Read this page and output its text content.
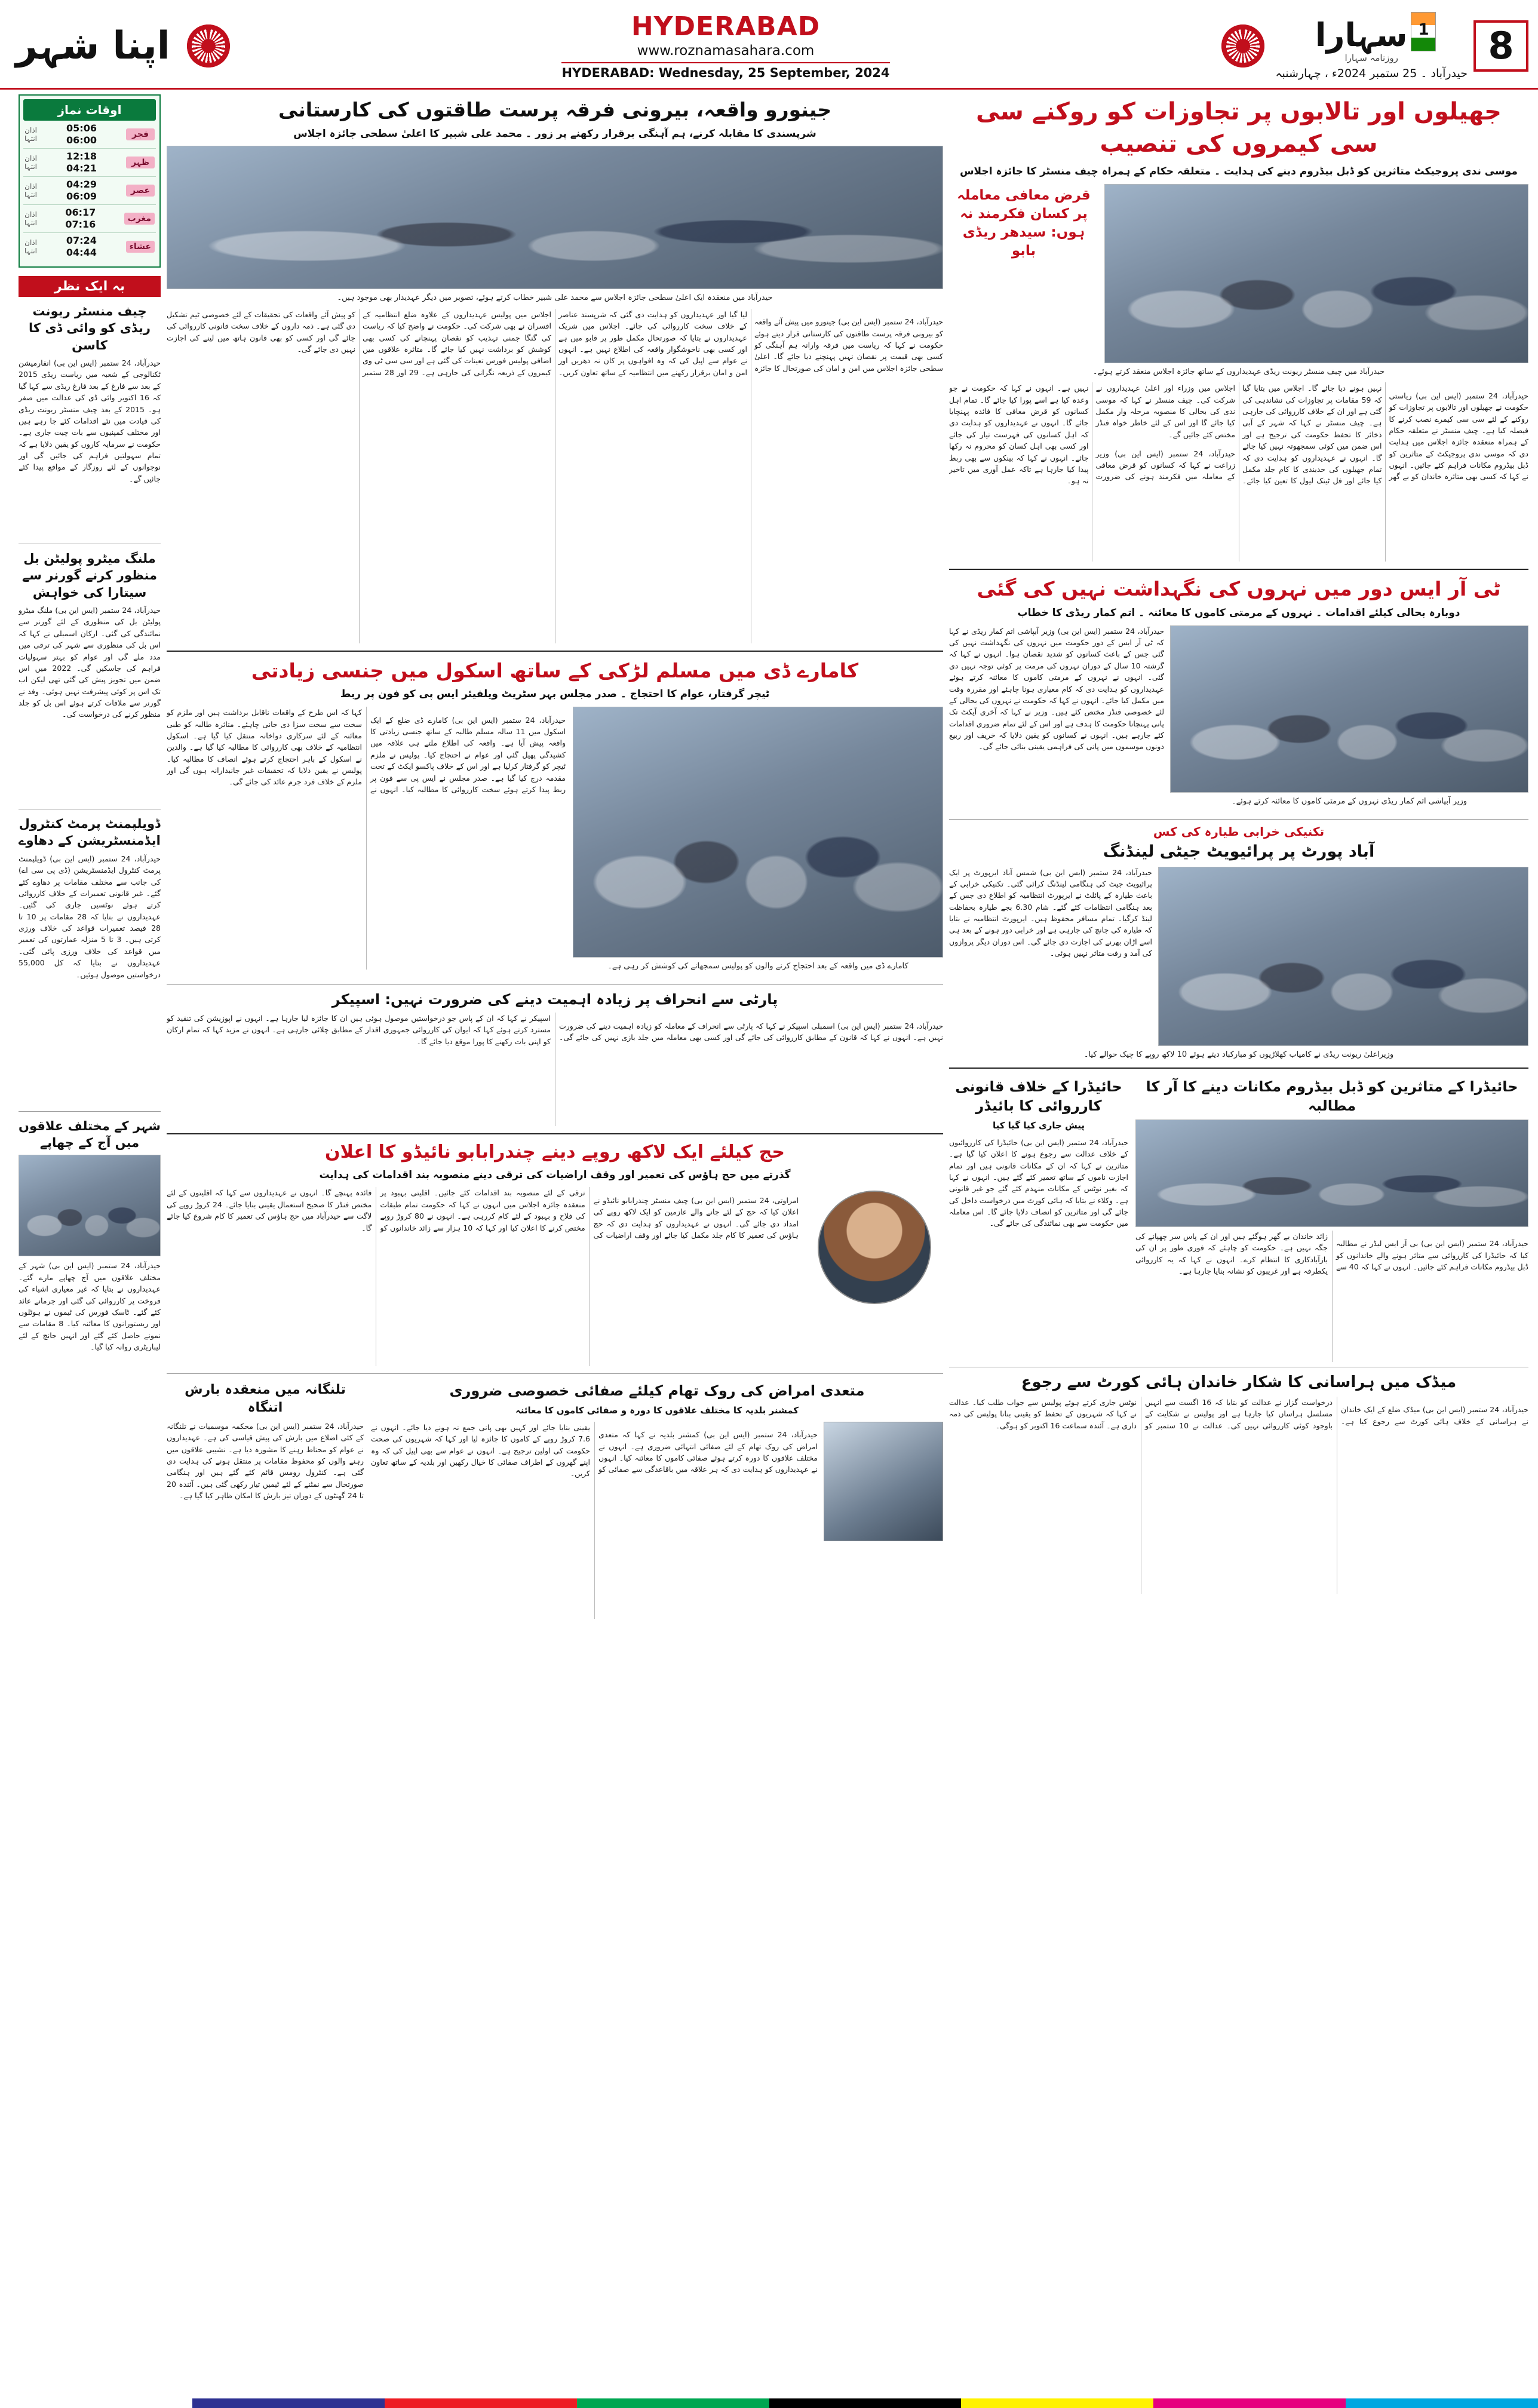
8
1
سہارا
روزنامہ سہارا
حیدرآباد ۔ 25 ستمبر 2024ء ، چہارشنبہ
HYDERABAD
www.roznamasahara.com
HYDERABAD: Wednesday, 25 September, 2024
اپنا شہر
جھیلوں اور تالابوں پر تجاوزات کو روکنے سی سی کیمروں کی تنصیب
موسی ندی پروجیکٹ متاثرین کو ڈبل بیڈروم دینے کی ہدایت ۔ متعلقہ حکام کے ہمراہ چیف منسٹر کا جائزہ اجلاس
قرض معافی معاملہ پر کسان فکرمند نہ ہوں: سیدھر ریڈی بابو
حیدرآباد میں چیف منسٹر ریونت ریڈی عہدیداروں کے ساتھ جائزہ اجلاس منعقد کرتے ہوئے۔

حیدرآباد، 24 ستمبر (ایس این بی) ریاستی حکومت نے جھیلوں اور تالابوں پر تجاوزات کو روکنے کے لئے سی سی کیمرے نصب کرنے کا فیصلہ کیا ہے۔ چیف منسٹر نے متعلقہ حکام کے ہمراہ منعقدہ جائزہ اجلاس میں ہدایت دی کہ موسی ندی پروجیکٹ کے متاثرین کو ڈبل بیڈروم مکانات فراہم کئے جائیں۔ انہوں نے کہا کہ کسی بھی متاثرہ خاندان کو بے گھر نہیں ہونے دیا جائے گا۔ اجلاس میں بتایا گیا کہ 59 مقامات پر تجاوزات کی نشاندہی کی گئی ہے اور ان کے خلاف کارروائی کی جارہی ہے۔ چیف منسٹر نے کہا کہ شہر کے آبی ذخائر کا تحفظ حکومت کی ترجیح ہے اور اس ضمن میں کوئی سمجھوتہ نہیں کیا جائے گا۔ انہوں نے عہدیداروں کو ہدایت دی کہ تمام جھیلوں کی حدبندی کا کام جلد مکمل کیا جائے اور فل ٹینک لیول کا تعین کیا جائے۔ اجلاس میں وزراء اور اعلیٰ عہدیداروں نے شرکت کی۔ چیف منسٹر نے کہا کہ موسی ندی کی بحالی کا منصوبہ مرحلہ وار مکمل کیا جائے گا اور اس کے لئے خاطر خواہ فنڈز مختص کئے جائیں گے۔

حیدرآباد، 24 ستمبر (ایس این بی) وزیر زراعت نے کہا کہ کسانوں کو قرض معافی کے معاملہ میں فکرمند ہونے کی ضرورت نہیں ہے۔ انہوں نے کہا کہ حکومت نے جو وعدہ کیا ہے اسے پورا کیا جائے گا۔ تمام اہل کسانوں کو قرض معافی کا فائدہ پہنچایا جائے گا۔ انہوں نے عہدیداروں کو ہدایت دی کہ اہل کسانوں کی فہرست تیار کی جائے اور کسی بھی اہل کسان کو محروم نہ رکھا جائے۔ انہوں نے کہا کہ بینکوں سے بھی ربط پیدا کیا جارہا ہے تاکہ عمل آوری میں تاخیر نہ ہو۔

ٹی آر ایس دور میں نہروں کی نگہداشت نہیں کی گئی
دوبارہ بحالی کیلئے اقدامات ۔ نہروں کے مرمتی کاموں کا معائنہ ۔ اتم کمار ریڈی کا خطاب
وزیر آبپاشی اتم کمار ریڈی نہروں کے مرمتی کاموں کا معائنہ کرتے ہوئے۔
حیدرآباد، 24 ستمبر (ایس این بی) وزیر آبپاشی اتم کمار ریڈی نے کہا کہ ٹی آر ایس کے دور حکومت میں نہروں کی نگہداشت نہیں کی گئی جس کے باعث کسانوں کو شدید نقصان ہوا۔ انہوں نے کہا کہ گزشتہ 10 سال کے دوران نہروں کی مرمت پر کوئی توجہ نہیں دی گئی۔ انہوں نے نہروں کے مرمتی کاموں کا معائنہ کرتے ہوئے عہدیداروں کو ہدایت دی کہ کام معیاری ہونا چاہئے اور مقررہ وقت میں مکمل کیا جائے۔ انہوں نے کہا کہ حکومت نے نہروں کی بحالی کے لئے خصوصی فنڈز مختص کئے ہیں۔ وزیر نے کہا کہ آخری آیکٹ تک پانی پہنچانا حکومت کا ہدف ہے اور اس کے لئے تمام ضروری اقدامات کئے جارہے ہیں۔ انہوں نے کسانوں کو یقین دلایا کہ خریف اور ربیع دونوں موسموں میں پانی کی فراہمی یقینی بنائی جائے گی۔
تکنیکی خرابی طیارہ کی کس
آباد پورٹ پر پرائیویٹ جیٹی لینڈنگ
حیدرآباد، 24 ستمبر (ایس این بی) شمس آباد ایرپورٹ پر ایک پرائیویٹ جیٹ کی ہنگامی لینڈنگ کرائی گئی۔ تکنیکی خرابی کے باعث طیارہ کے پائلٹ نے ایرپورٹ انتظامیہ کو اطلاع دی جس کے بعد ہنگامی انتظامات کئے گئے۔ شام 6.30 بجے طیارہ بحفاظت لینڈ کرگیا۔ تمام مسافر محفوظ ہیں۔ ایرپورٹ انتظامیہ نے بتایا کہ طیارہ کی جانچ کی جارہی ہے اور خرابی دور ہونے کے بعد ہی اسے اڑان بھرنے کی اجازت دی جائے گی۔ اس دوران دیگر پروازوں کی آمد و رفت متاثر نہیں ہوئی۔
وزیراعلیٰ ریونت ریڈی نے کامیاب کھلاڑیوں کو مبارکباد دیتے ہوئے 10 لاکھ روپے کا چیک حوالے کیا۔
حائیڈرا کے متاثرین کو ڈبل بیڈروم مکانات دینے کا آر کا مطالبہ

حیدرآباد، 24 ستمبر (ایس این بی) بی آر ایس لیڈر نے مطالبہ کیا کہ حائیڈرا کی کارروائی سے متاثر ہونے والے خاندانوں کو ڈبل بیڈروم مکانات فراہم کئے جائیں۔ انہوں نے کہا کہ 40 سے زائد خاندان بے گھر ہوگئے ہیں اور ان کے پاس سر چھپانے کی جگہ نہیں ہے۔ حکومت کو چاہئے کہ فوری طور پر ان کی بازآبادکاری کا انتظام کرے۔ انہوں نے کہا کہ یہ کارروائی یکطرفہ ہے اور غریبوں کو نشانہ بنایا جارہا ہے۔

حائیڈرا کے خلاف قانونی کارروائی کا بائیڈر
پیش جاری کیا گیا کیا
حیدرآباد، 24 ستمبر (ایس این بی) حائیڈرا کی کارروائیوں کے خلاف عدالت سے رجوع ہونے کا اعلان کیا گیا ہے۔ متاثرین نے کہا کہ ان کے مکانات قانونی ہیں اور تمام اجازت ناموں کے ساتھ تعمیر کئے گئے ہیں۔ انہوں نے کہا کہ بغیر نوٹس کے مکانات منہدم کئے گئے جو غیر قانونی ہے۔ وکلاء نے بتایا کہ ہائی کورٹ میں درخواست داخل کی جائے گی اور متاثرین کو انصاف دلایا جائے گا۔ اس معاملہ میں حکومت سے بھی نمائندگی کی جائے گی۔
میڈک میں ہراسانی کا شکار خاندان ہائی کورٹ سے رجوع

حیدرآباد، 24 ستمبر (ایس این بی) میڈک ضلع کے ایک خاندان نے ہراسانی کے خلاف ہائی کورٹ سے رجوع کیا ہے۔ درخواست گزار نے عدالت کو بتایا کہ 16 اگست سے انہیں مسلسل ہراساں کیا جارہا ہے اور پولیس نے شکایت کے باوجود کوئی کارروائی نہیں کی۔ عدالت نے 10 ستمبر کو نوٹس جاری کرتے ہوئے پولیس سے جواب طلب کیا۔ عدالت نے کہا کہ شہریوں کے تحفظ کو یقینی بنانا پولیس کی ذمہ داری ہے۔ آئندہ سماعت 16 اکتوبر کو ہوگی۔

جینورو واقعہ، بیرونی فرقہ پرست طاقتوں کی کارستانی
شرپسندی کا مقابلہ کرنے، ہم آہنگی برقرار رکھنے پر زور ۔ محمد علی شبیر کا اعلیٰ سطحی جائزہ اجلاس
حیدرآباد میں منعقدہ ایک اعلیٰ سطحی جائزہ اجلاس سے محمد علی شبیر خطاب کرتے ہوئے، تصویر میں دیگر عہدیدار بھی موجود ہیں۔

حیدرآباد، 24 ستمبر (ایس این بی) جینورو میں پیش آئے واقعہ کو بیرونی فرقہ پرست طاقتوں کی کارستانی قرار دیتے ہوئے حکومت نے کہا کہ ریاست میں فرقہ وارانہ ہم آہنگی کو کسی بھی قیمت پر نقصان نہیں پہنچنے دیا جائے گا۔ اعلیٰ سطحی جائزہ اجلاس میں امن و امان کی صورتحال کا جائزہ لیا گیا اور عہدیداروں کو ہدایت دی گئی کہ شرپسند عناصر کے خلاف سخت کارروائی کی جائے۔ اجلاس میں شریک عہدیداروں نے بتایا کہ صورتحال مکمل طور پر قابو میں ہے اور کسی بھی ناخوشگوار واقعہ کی اطلاع نہیں ہے۔ انہوں نے عوام سے اپیل کی کہ وہ افواہوں پر کان نہ دھریں اور امن و امان برقرار رکھنے میں انتظامیہ کے ساتھ تعاون کریں۔ اجلاس میں پولیس عہدیداروں کے علاوہ ضلع انتظامیہ کے افسران نے بھی شرکت کی۔ حکومت نے واضح کیا کہ ریاست کی گنگا جمنی تہذیب کو نقصان پہنچانے کی کسی بھی کوشش کو برداشت نہیں کیا جائے گا۔ متاثرہ علاقوں میں اضافی پولیس فورس تعینات کی گئی ہے اور سی سی ٹی وی کیمروں کے ذریعہ نگرانی کی جارہی ہے۔ 29 اور 28 ستمبر کو پیش آئے واقعات کی تحقیقات کے لئے خصوصی ٹیم تشکیل دی گئی ہے۔ ذمہ داروں کے خلاف سخت قانونی کارروائی کی جائے گی اور کسی کو بھی قانون ہاتھ میں لینے کی اجازت نہیں دی جائے گی۔

کامارے ڈی میں مسلم لڑکی کے ساتھ اسکول میں جنسی زیادتی
ٹیچر گرفتار، عوام کا احتجاج ۔ صدر مجلس بہر سٹریٹ ویلفیئر ایس پی کو فون پر ربط
کامارے ڈی میں واقعہ کے بعد احتجاج کرنے والوں کو پولیس سمجھانے کی کوشش کر رہی ہے۔

حیدرآباد، 24 ستمبر (ایس این بی) کامارے ڈی ضلع کے ایک اسکول میں 11 سالہ مسلم طالبہ کے ساتھ جنسی زیادتی کا واقعہ پیش آیا ہے۔ واقعہ کی اطلاع ملتے ہی علاقہ میں کشیدگی پھیل گئی اور عوام نے احتجاج کیا۔ پولیس نے ملزم ٹیچر کو گرفتار کرلیا ہے اور اس کے خلاف پاکسو ایکٹ کے تحت مقدمہ درج کیا گیا ہے۔ صدر مجلس نے ایس پی سے فون پر ربط پیدا کرتے ہوئے سخت کارروائی کا مطالبہ کیا۔ انہوں نے کہا کہ اس طرح کے واقعات ناقابل برداشت ہیں اور ملزم کو سخت سے سخت سزا دی جانی چاہئے۔ متاثرہ طالبہ کو طبی معائنہ کے لئے سرکاری دواخانہ منتقل کیا گیا ہے۔ اسکول انتظامیہ کے خلاف بھی کارروائی کا مطالبہ کیا گیا ہے۔ والدین نے اسکول کے باہر احتجاج کرتے ہوئے انصاف کا مطالبہ کیا۔ پولیس نے یقین دلایا کہ تحقیقات غیر جانبدارانہ ہوں گی اور ملزم کے خلاف فرد جرم عائد کی جائے گی۔

پارٹی سے انحراف پر زیادہ اہمیت دینے کی ضرورت نہیں: اسپیکر

حیدرآباد، 24 ستمبر (ایس این بی) اسمبلی اسپیکر نے کہا کہ پارٹی سے انحراف کے معاملہ کو زیادہ اہمیت دینے کی ضرورت نہیں ہے۔ انہوں نے کہا کہ قانون کے مطابق کارروائی کی جائے گی اور کسی بھی معاملہ میں جلد بازی نہیں کی جائے گی۔ اسپیکر نے کہا کہ ان کے پاس جو درخواستیں موصول ہوئی ہیں ان کا جائزہ لیا جارہا ہے۔ انہوں نے اپوزیشن کی تنقید کو مسترد کرتے ہوئے کہا کہ ایوان کی کارروائی جمہوری اقدار کے مطابق چلائی جارہی ہے۔ انہوں نے مزید کہا کہ تمام ارکان کو اپنی بات رکھنے کا پورا موقع دیا جائے گا۔

حج کیلئے ایک لاکھ روپے دینے چندرابابو نائیڈو کا اعلان
گذرتے میں حج ہاؤس کی تعمیر اور وقف اراضیات کی ترقی دینے منصوبہ بند اقدامات کی ہدایت

امراوتی، 24 ستمبر (ایس این بی) چیف منسٹر چندرابابو نائیڈو نے اعلان کیا کہ حج کے لئے جانے والے عازمین کو ایک لاکھ روپے کی امداد دی جائے گی۔ انہوں نے عہدیداروں کو ہدایت دی کہ حج ہاؤس کی تعمیر کا کام جلد مکمل کیا جائے اور وقف اراضیات کی ترقی کے لئے منصوبہ بند اقدامات کئے جائیں۔ اقلیتی بہبود پر منعقدہ جائزہ اجلاس میں انہوں نے کہا کہ حکومت تمام طبقات کی فلاح و بہبود کے لئے کام کررہی ہے۔ انہوں نے 80 کروڑ روپے مختص کرنے کا اعلان کیا اور کہا کہ 10 ہزار سے زائد خاندانوں کو فائدہ پہنچے گا۔ انہوں نے عہدیداروں سے کہا کہ اقلیتوں کے لئے مختص فنڈز کا صحیح استعمال یقینی بنایا جائے۔ 24 کروڑ روپے کی لاگت سے حیدرآباد میں حج ہاؤس کی تعمیر کا کام شروع کیا جائے گا۔

متعدی امراض کی روک تھام کیلئے صفائی خصوصی ضروری
کمشنر بلدیہ کا مختلف علاقوں کا دورہ و صفائی کاموں کا معائنہ

حیدرآباد، 24 ستمبر (ایس این بی) کمشنر بلدیہ نے کہا کہ متعدی امراض کی روک تھام کے لئے صفائی انتہائی ضروری ہے۔ انہوں نے مختلف علاقوں کا دورہ کرتے ہوئے صفائی کاموں کا معائنہ کیا۔ انہوں نے عہدیداروں کو ہدایت دی کہ ہر علاقہ میں باقاعدگی سے صفائی کو یقینی بنایا جائے اور کہیں بھی پانی جمع نہ ہونے دیا جائے۔ انہوں نے 7.6 کروڑ روپے کے کاموں کا جائزہ لیا اور کہا کہ شہریوں کی صحت حکومت کی اولین ترجیح ہے۔ انہوں نے عوام سے بھی اپیل کی کہ وہ اپنے گھروں کے اطراف صفائی کا خیال رکھیں اور بلدیہ کے ساتھ تعاون کریں۔

تلنگانہ میں منعقدہ بارش اتنگاہ
حیدرآباد، 24 ستمبر (ایس این بی) محکمہ موسمیات نے تلنگانہ کے کئی اضلاع میں بارش کی پیش قیاسی کی ہے۔ عہدیداروں نے عوام کو محتاط رہنے کا مشورہ دیا ہے۔ نشیبی علاقوں میں رہنے والوں کو محفوظ مقامات پر منتقل ہونے کی ہدایت دی گئی ہے۔ کنٹرول رومس قائم کئے گئے ہیں اور ہنگامی صورتحال سے نمٹنے کے لئے ٹیمیں تیار رکھی گئی ہیں۔ آئندہ 20 تا 24 گھنٹوں کے دوران تیز بارش کا امکان ظاہر کیا گیا ہے۔
اوقات نماز
فجر
05:06
06:00
اذان
انتہا
ظہر
12:18
04:21
اذان
انتہا
عصر
04:29
06:09
اذان
انتہا
مغرب
06:17
07:16
اذان
انتہا
عشاء
07:24
04:44
اذان
انتہا
بہ ایک نظر
چیف منسٹر ریونت ریڈی کو وائی ڈی کا کاسن
حیدرآباد، 24 ستمبر (ایس این بی) انفارمیشن ٹکنالوجی کے شعبہ میں ریاست ریڈی 2015 کے بعد سے فارغ کے بعد فارغ ریڈی سے کہا گیا کہ 16 اکتوبر وائی ڈی کی عدالت میں صفر ہو۔ 2015 کے بعد چیف منسٹر ریونت ریڈی کی قیادت میں نئے اقدامات کئے جا رہے ہیں اور مختلف کمپنیوں سے بات چیت جاری ہے۔ حکومت نے سرمایہ کاروں کو یقین دلایا ہے کہ تمام سہولتیں فراہم کی جائیں گی اور نوجوانوں کے لئے روزگار کے مواقع پیدا کئے جائیں گے۔
ملنگ میٹرو پولیٹن بل منظور کرنے گورنر سے سیتارا کی خواہش
حیدرآباد، 24 ستمبر (ایس این بی) ملنگ میٹرو پولیٹن بل کی منظوری کے لئے گورنر سے نمائندگی کی گئی۔ ارکان اسمبلی نے کہا کہ اس بل کی منظوری سے شہر کی ترقی میں مدد ملے گی اور عوام کو بہتر سہولیات فراہم کی جاسکیں گی۔ 2022 میں اس ضمن میں تجویز پیش کی گئی تھی لیکن اب تک اس پر کوئی پیشرفت نہیں ہوئی۔ وفد نے گورنر سے ملاقات کرتے ہوئے اس بل کو جلد منظور کرنے کی درخواست کی۔
ڈویلپمنٹ پرمٹ کنٹرول ایڈمنسٹریشن کے دھاوے
حیدرآباد، 24 ستمبر (ایس این بی) ڈویلپمنٹ پرمٹ کنٹرول ایڈمنسٹریشن (ڈی پی سی اے) کی جانب سے مختلف مقامات پر دھاوے کئے گئے۔ غیر قانونی تعمیرات کے خلاف کارروائی کرتے ہوئے نوٹسیں جاری کی گئیں۔ عہدیداروں نے بتایا کہ 28 مقامات پر 10 تا 28 فیصد تعمیرات قواعد کی خلاف ورزی کرتی ہیں۔ 3 تا 5 منزلہ عمارتوں کی تعمیر میں قواعد کی خلاف ورزی پائی گئی۔ عہدیداروں نے بتایا کہ کل 55,000 درخواستیں موصول ہوئیں۔
شہر کے مختلف علاقوں میں آج کے چھاپے
حیدرآباد، 24 ستمبر (ایس این بی) شہر کے مختلف علاقوں میں آج چھاپے مارے گئے۔ عہدیداروں نے بتایا کہ غیر معیاری اشیاء کی فروخت پر کارروائی کی گئی اور جرمانے عائد کئے گئے۔ ٹاسک فورس کی ٹیموں نے ہوٹلوں اور ریستورانوں کا معائنہ کیا۔ 8 مقامات سے نمونے حاصل کئے گئے اور انہیں جانچ کے لئے لیباریٹری روانہ کیا گیا۔
